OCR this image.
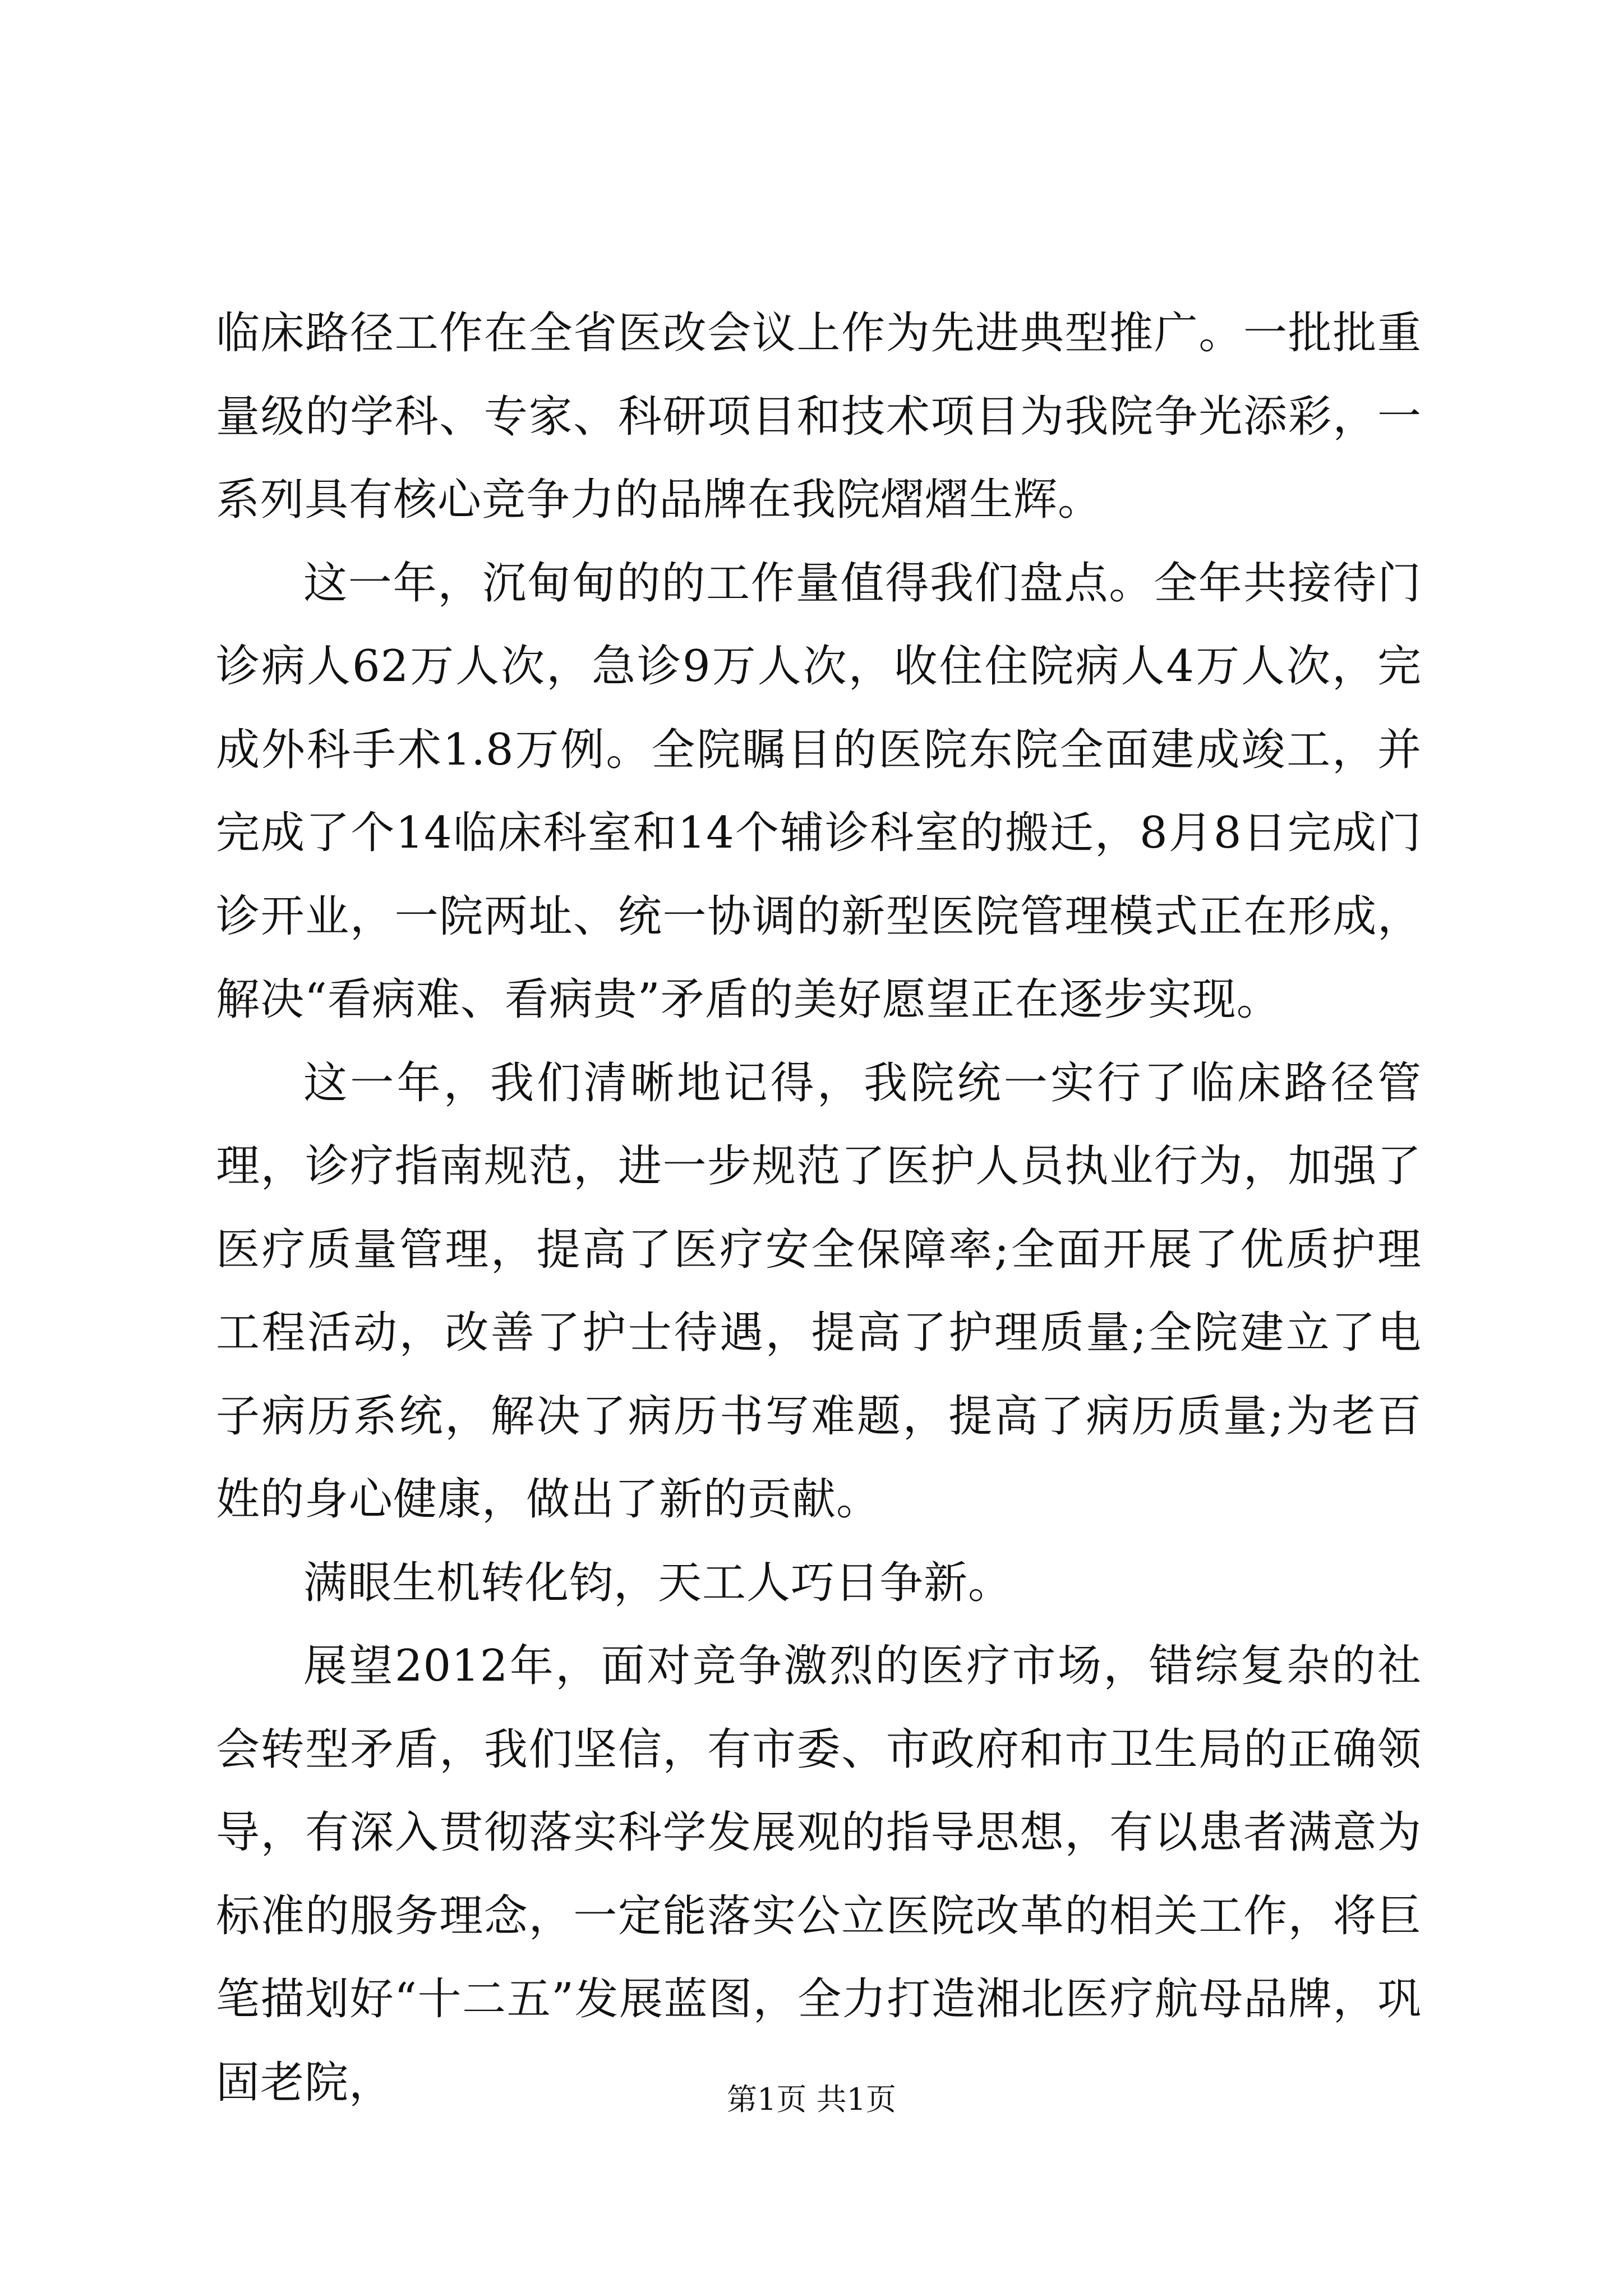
临床路径工作在全省医改会议上作为先进典型推广。一批批重量级的学科、专家、科研项目和技术项目为我院争光添彩，一系列具有核心竞争力的品牌在我院熠熠生辉。

这一年，沉甸甸的的工作量值得我们盘点。全年共接待门诊病人62万人次，急诊9万人次，收住住院病人4万人次，完成外科手术1.8万例。全院瞩目的医院东院全面建成竣工，并完成了个14临床科室和14个辅诊科室的搬迁，8月8日完成门诊开业，一院两址、统一协调的新型医院管理模式正在形成，解决“看病难、看病贵”矛盾的美好愿望正在逐步实现。

这一年，我们清晰地记得，我院统一实行了临床路径管理，诊疗指南规范，进一步规范了医护人员执业行为，加强了医疗质量管理，提高了医疗安全保障率;全面开展了优质护理工程活动，改善了护士待遇，提高了护理质量;全院建立了电子病历系统，解决了病历书写难题，提高了病历质量;为老百姓的身心健康，做出了新的贡献。

满眼生机转化钧，天工人巧日争新。

展望2012年，面对竞争激烈的医疗市场，错综复杂的社会转型矛盾，我们坚信，有市委、市政府和市卫生局的正确领导，有深入贯彻落实科学发展观的指导思想，有以患者满意为标准的服务理念，一定能落实公立医院改革的相关工作，将巨笔描划好“十二五”发展蓝图，全力打造湘北医疗航母品牌，巩固老院，	第1页 共1页
